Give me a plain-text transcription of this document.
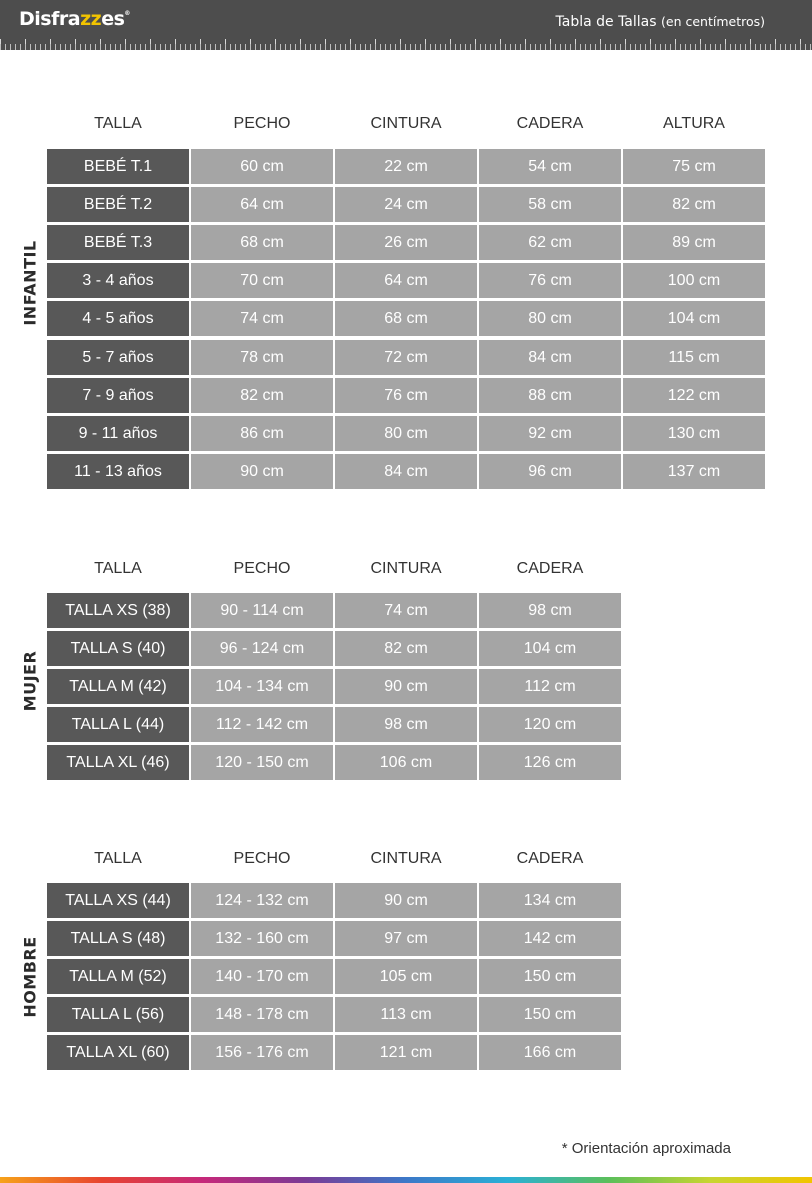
Disfrazzes®
Tabla de Tallas (en centímetros)
INFANTIL
TALLA	PECHO	CINTURA	CADERA	ALTURA
BEBÉ T.1	60 cm	22 cm	54 cm	75 cm
BEBÉ T.2	64 cm	24 cm	58 cm	82 cm
BEBÉ T.3	68 cm	26 cm	62 cm	89 cm
3 - 4 años	70 cm	64 cm	76 cm	100 cm
4 - 5 años	74 cm	68 cm	80 cm	104 cm
5 - 7 años	78 cm	72 cm	84 cm	115 cm
7 - 9 años	82 cm	76 cm	88 cm	122 cm
9 - 11 años	86 cm	80 cm	92 cm	130 cm
11 - 13 años	90 cm	84 cm	96 cm	137 cm
MUJER
TALLA	PECHO	CINTURA	CADERA
TALLA XS (38)	90 - 114 cm	74 cm	98 cm
TALLA S (40)	96 - 124 cm	82 cm	104 cm
TALLA M (42)	104 - 134 cm	90 cm	112 cm
TALLA L (44)	112 - 142 cm	98 cm	120 cm
TALLA XL (46)	120 - 150 cm	106 cm	126 cm
HOMBRE
TALLA	PECHO	CINTURA	CADERA
TALLA XS (44)	124 - 132 cm	90 cm	134 cm
TALLA S (48)	132 - 160 cm	97 cm	142 cm
TALLA M (52)	140 - 170 cm	105 cm	150 cm
TALLA L (56)	148 - 178 cm	113 cm	150 cm
TALLA XL (60)	156 - 176 cm	121 cm	166 cm
* Orientación aproximada
